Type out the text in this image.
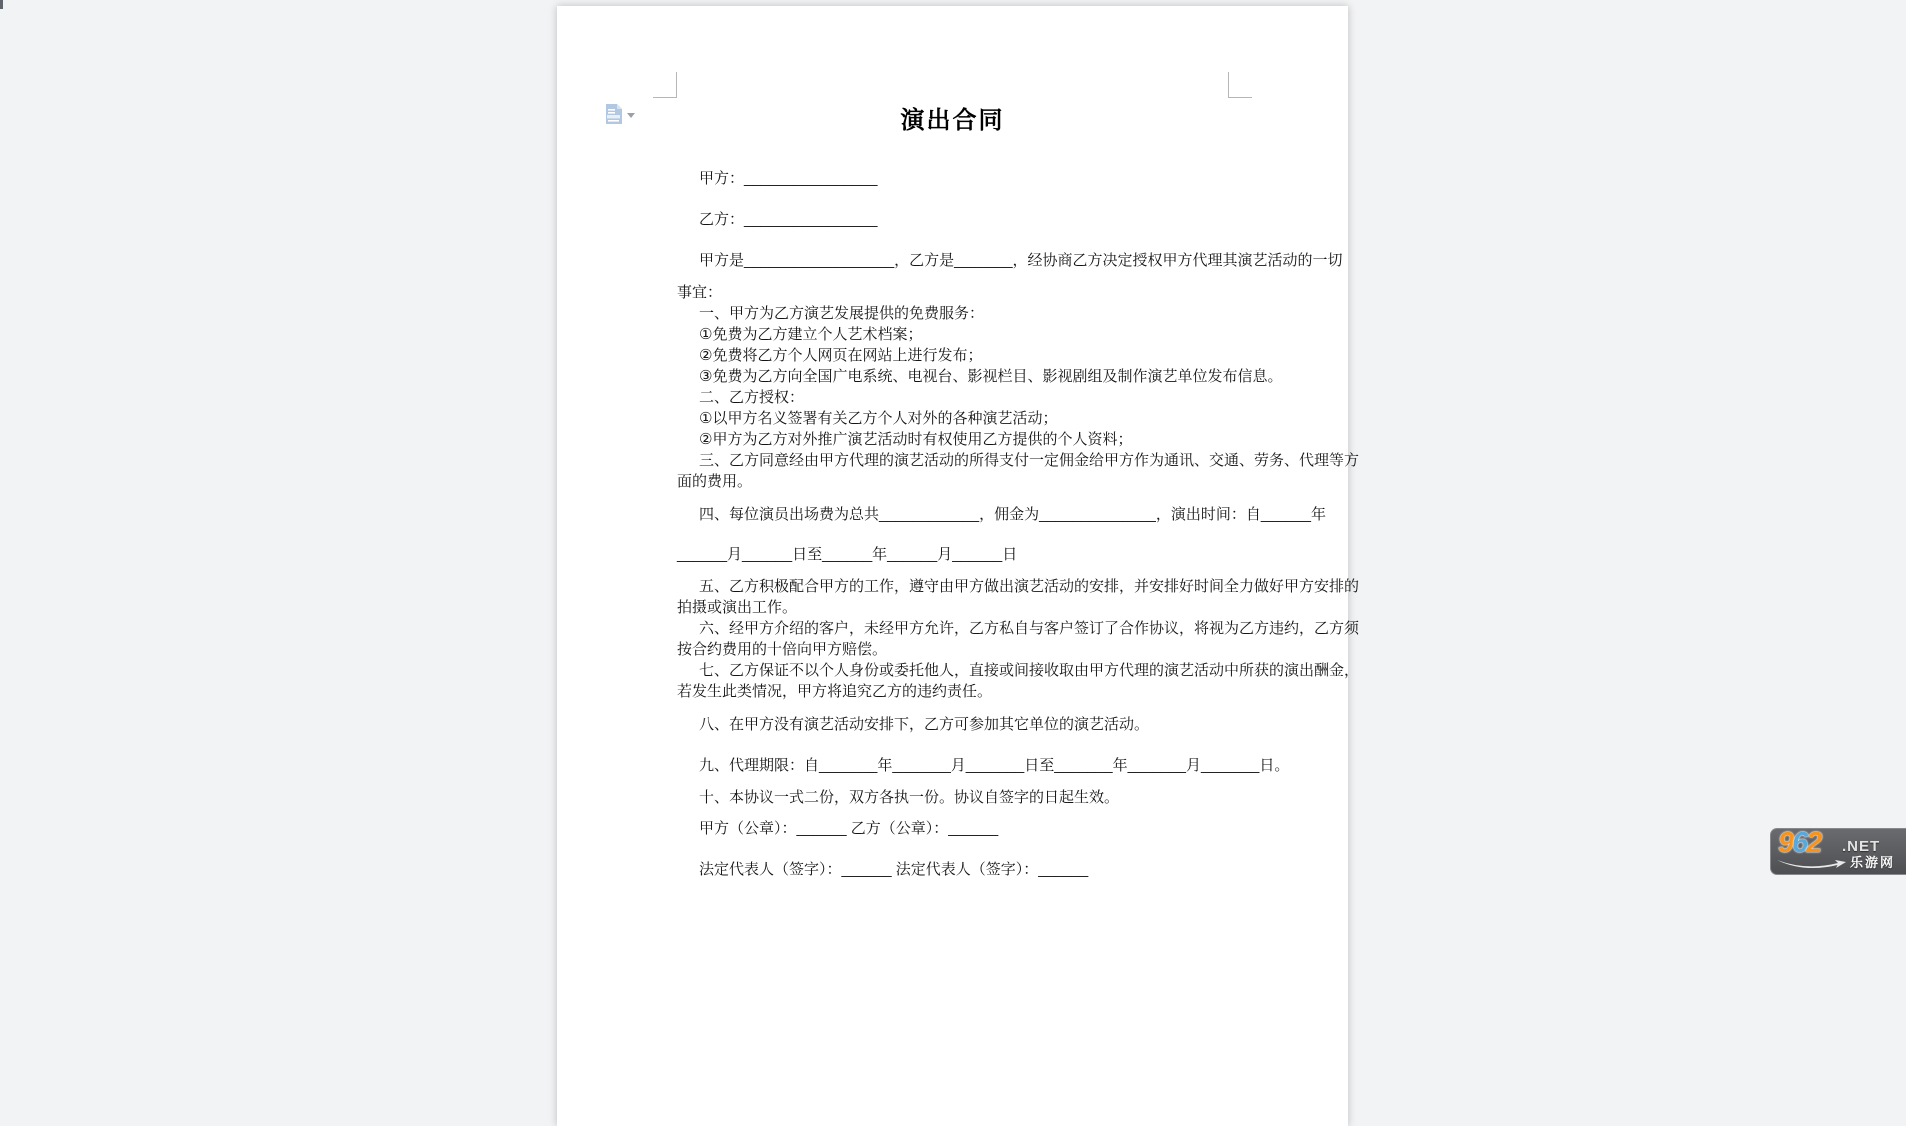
演出合同

甲方：________________

乙方：________________

甲方是__________________，乙方是_______，经协商乙方决定授权甲方代理其演艺活动的一切

事宜：

一、甲方为乙方演艺发展提供的免费服务：

①免费为乙方建立个人艺术档案；

②免费将乙方个人网页在网站上进行发布；

③免费为乙方向全国广电系统、电视台、影视栏目、影视剧组及制作演艺单位发布信息。

二、乙方授权：

①以甲方名义签署有关乙方个人对外的各种演艺活动；

②甲方为乙方对外推广演艺活动时有权使用乙方提供的个人资料；

三、乙方同意经由甲方代理的演艺活动的所得支付一定佣金给甲方作为通讯、交通、劳务、代理等方

面的费用。

四、每位演员出场费为总共____________，佣金为______________，演出时间：自______年

______月______日至______年______月______日

五、乙方积极配合甲方的工作，遵守由甲方做出演艺活动的安排，并安排好时间全力做好甲方安排的

拍摄或演出工作。

六、经甲方介绍的客户，未经甲方允许，乙方私自与客户签订了合作协议，将视为乙方违约，乙方须

按合约费用的十倍向甲方赔偿。

七、乙方保证不以个人身份或委托他人，直接或间接收取由甲方代理的演艺活动中所获的演出酬金，

若发生此类情况，甲方将追究乙方的违约责任。

八、在甲方没有演艺活动安排下，乙方可参加其它单位的演艺活动。

九、代理期限：自_______年_______月_______日至_______年_______月_______日。

十、本协议一式二份，双方各执一份。协议自签字的日起生效。

甲方（公章）：______ 乙方（公章）：______

法定代表人（签字）：______ 法定代表人（签字）：______

962 .NET
乐游网
